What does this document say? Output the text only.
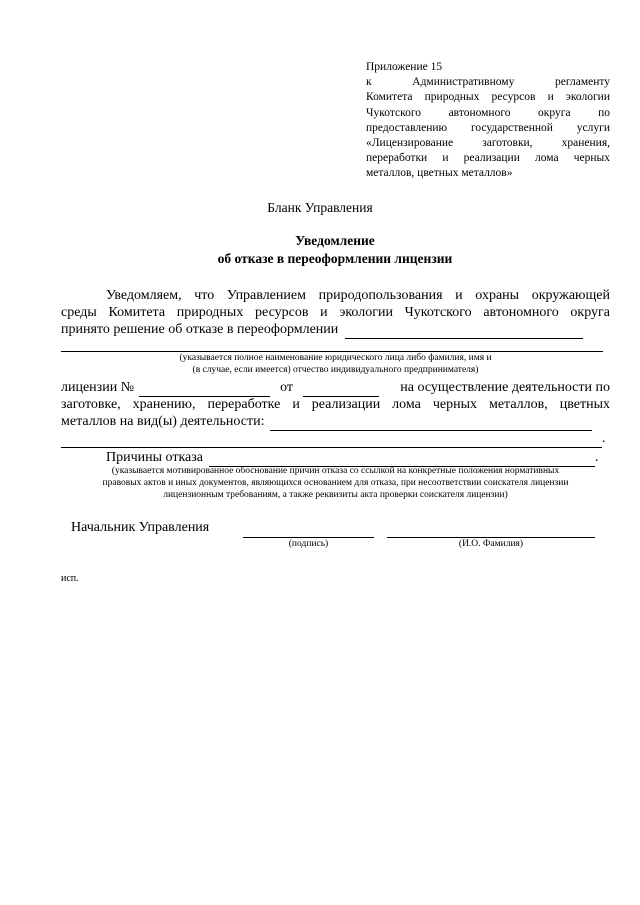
Приложение 15
к Административному регламенту
Комитета природных ресурсов и экологии
Чукотского автономного округа по
предоставлению государственной услуги
«Лицензирование заготовки, хранения,
переработки и реализации лома черных
металлов, цветных металлов»
Бланк Управления
Уведомление
об отказе в переоформлении лицензии
Уведомляем, что Управлением природопользования и охраны окружающей
среды Комитета природных ресурсов и экологии Чукотского автономного округа
принято решение об отказе в переоформлении
(указывается полное наименование юридического лица либо фамилия, имя и
(в случае, если имеется) отчество индивидуального предпринимателя)
лицензии №
	от
	на осуществление деятельности по
заготовке, хранению, переработке и реализации лома черных металлов, цветных
металлов на вид(ы) деятельности:

.
Причины отказа
	.
(указывается мотивированное обоснование причин отказа со ссылкой на конкретные положения нормативных
правовых актов и иных документов, являющихся основанием для отказа, при несоответствии соискателя лицензии
лицензионным требованиям, а также реквизиты акта проверки соискателя лицензии)
Начальник Управления
(подпись)	(И.О. Фамилия)
исп.
